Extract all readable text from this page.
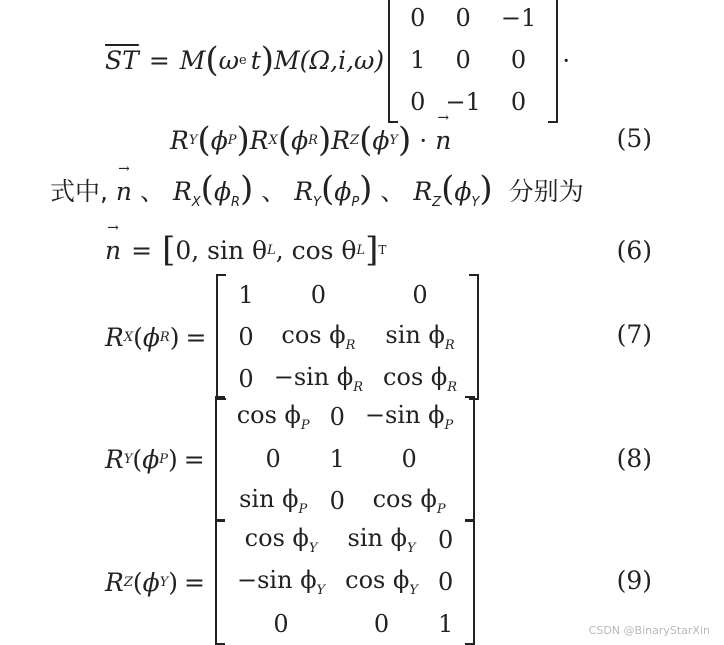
$\overline{ST} = M$ ( ω e t ) M (Ω,i,ω)
0	0	−1
1	0	0
0	−1	0
·
R Y ( ϕ P ) R X ( ϕ R ) R Z ( ϕ Y ) · → n	(5)
式中, → n 、 $R_X(\phi_R)$ 、 $R_Y(\phi_P)$ 、 $R_Z(\phi_Y)$ 分别为
→ n = [ 0, sin θ L , cos θ L ] T	(6)
R X ( ϕ R ) =
1	0	0
0	$\cos \phi_R$	$\sin \phi_R$
0	−sin $\phi_R$	$\cos \phi_R$
(7)
R Y ( ϕ P ) =
$\cos \phi_P$	0	−sin $\phi_P$
0	1	0
$\sin \phi_P$	0	$\cos \phi_P$
(8)
R Z ( ϕ Y ) =
$\cos \phi_Y$	$\sin \phi_Y$	0
−sin $\phi_Y$	$\cos \phi_Y$	0
0	0	1
(9)
CSDN @BinaryStarXin
